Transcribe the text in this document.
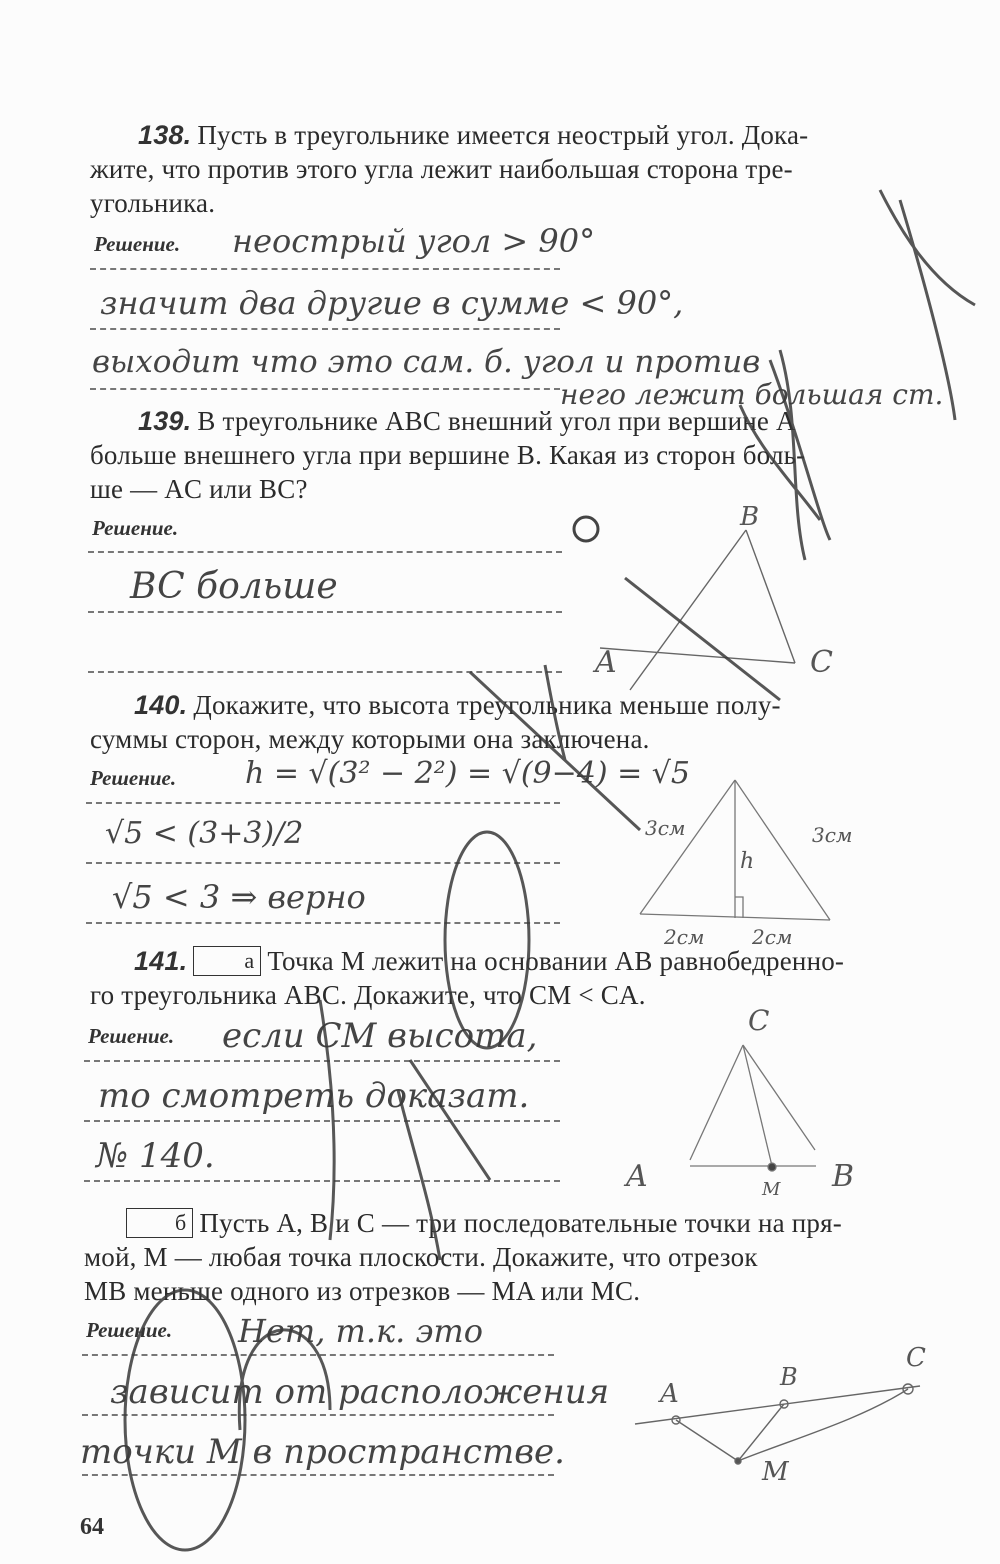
138. Пусть в треугольнике имеется неострый угол. Дока-
жите, что против этого угла лежит наибольшая сторона тре-
угольника.
Решение. неострый угол > 90°
значит два другие в сумме < 90°,
выходит что это сам. б. угол и против
него лежит большая ст.
139. В треугольнике ABC внешний угол при вершине A
больше внешнего угла при вершине B. Какая из сторон боль-
ше — AC или BC?
Решение.
BC больше
140. Докажите, что высота треугольника меньше полу-
суммы сторон, между которыми она заключена.
Решение. h = √(3² − 2²) = √(9−4) = √5
√5 < (3+3)/2
√5 < 3 ⇒ верно
141.	а Точка M лежит на основании AB равнобедренно-
го треугольника ABC. Докажите, что CM < CA.
Решение. если CM высота,
то смотреть доказат.
№ 140.
б Пусть A, B и C — три последовательные точки на пря-
мой, M — любая точка плоскости. Докажите, что отрезок
MB меньше одного из отрезков — MA или MC.
Решение. Нет, т.к. это
зависит от расположения
точки M в пространстве.
64
B
A	C
3см	3см
h
2см 2см
C
A	M B
A
B
C
M
